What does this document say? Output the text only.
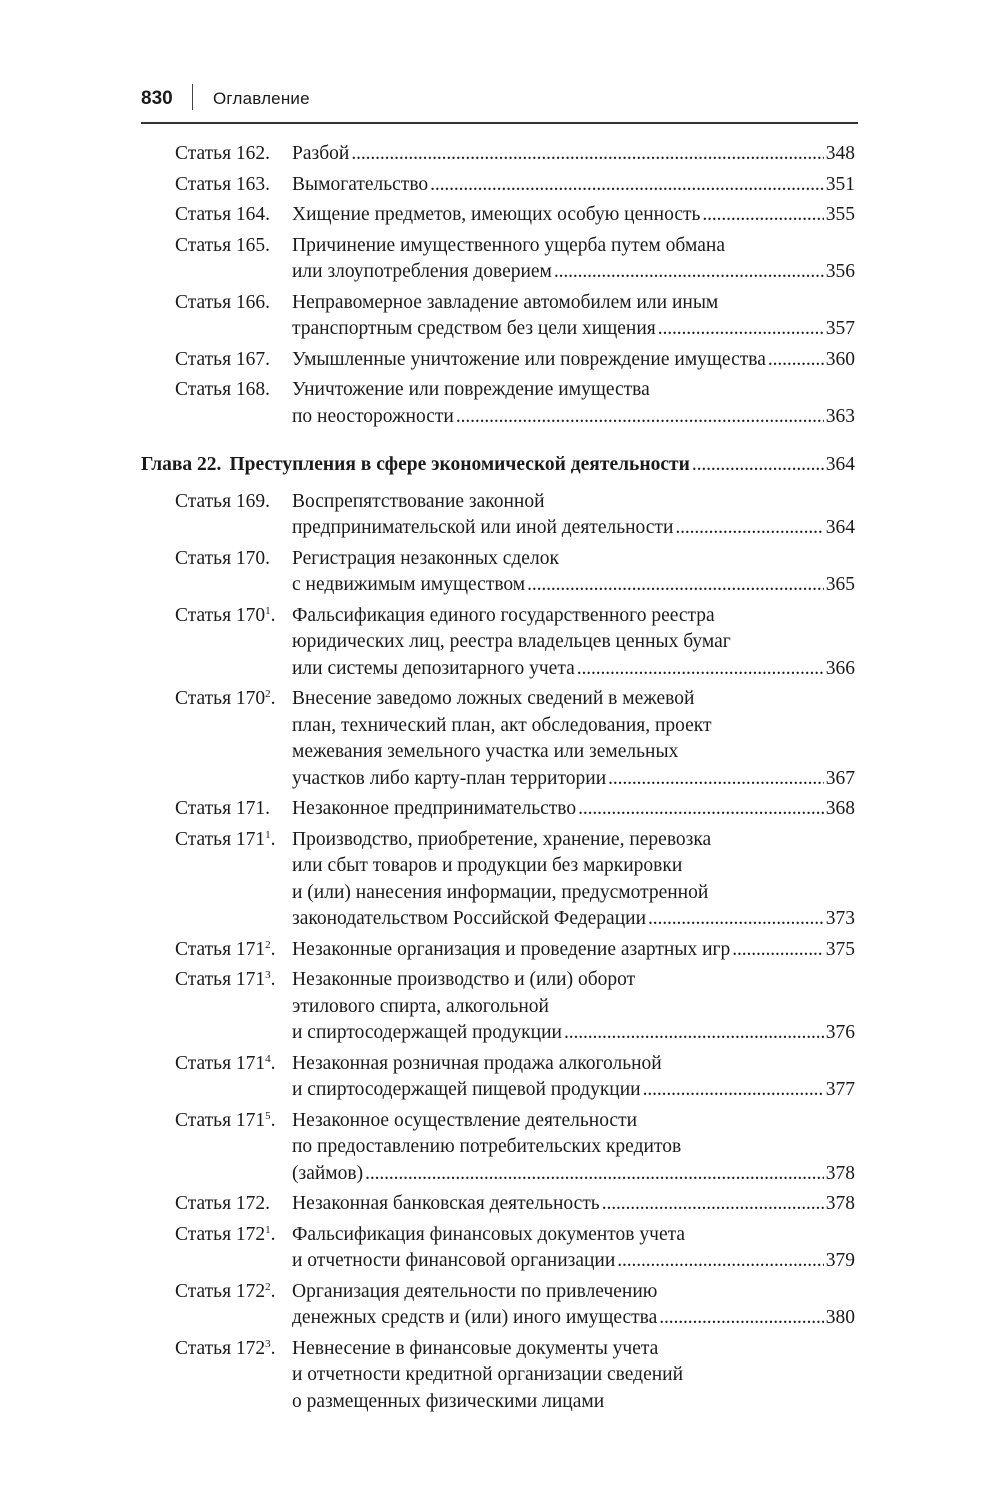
830 Оглавление
Статья 162. Разбой . . .	348
Статья 163. Вымогательство . . .	351
Статья 164. Хищение предметов, имеющих особую ценность . . .	355
Статья 165. Причинение имущественного ущерба путем обмана
или злоупотребления доверием . . .	356
Статья 166. Неправомерное завладение автомобилем или иным
транспортным средством без цели хищения . . .	357
Статья 167. Умышленные уничтожение или повреждение имущества . . .	360
Статья 168. Уничтожение или повреждение имущества
по неосторожности . . .	363
Глава 22. Преступления в сфере экономической деятельности . . .	364
Статья 169. Воспрепятствование законной
предпринимательской или иной деятельности . . .	364
Статья 170. Регистрация незаконных сделок
с недвижимым имуществом . . .	365
Статья $170^1$. Фальсификация единого государственного реестра
юридических лиц, реестра владельцев ценных бумаг
или системы депозитарного учета . . .	366
Статья $170^2$. Внесение заведомо ложных сведений в межевой
план, технический план, акт обследования, проект
межевания земельного участка или земельных
участков либо карту-план территории . . .	367
Статья 171. Незаконное предпринимательство . . .	368
Статья $171^1$. Производство, приобретение, хранение, перевозка
или сбыт товаров и продукции без маркировки
и (или) нанесения информации, предусмотренной
законодательством Российской Федерации . . .	373
Статья $171^2$. Незаконные организация и проведение азартных игр . . .	375
Статья $171^3$. Незаконные производство и (или) оборот
этилового спирта, алкогольной
и спиртосодержащей продукции . . .	376
Статья $171^4$. Незаконная розничная продажа алкогольной
и спиртосодержащей пищевой продукции . . .	377
Статья $171^5$. Незаконное осуществление деятельности
по предоставлению потребительских кредитов
(займов) . . .	378
Статья 172. Незаконная банковская деятельность . . .	378
Статья $172^1$. Фальсификация финансовых документов учета
и отчетности финансовой организации . . .	379
Статья $172^2$. Организация деятельности по привлечению
денежных средств и (или) иного имущества . . .	380
Статья $172^3$. Невнесение в финансовые документы учета
и отчетности кредитной организации сведений
о размещенных физическими лицами
